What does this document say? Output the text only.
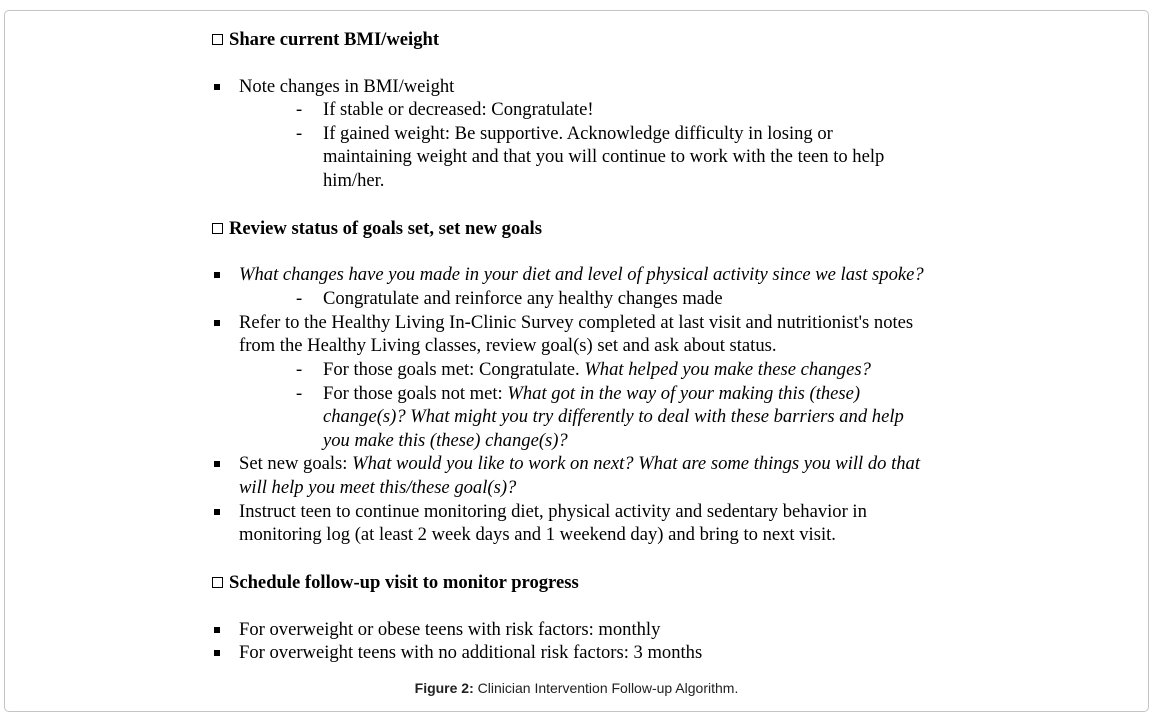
Share current BMI/weight
Note changes in BMI/weight
- If stable or decreased: Congratulate!
- If gained weight: Be supportive. Acknowledge difficulty in losing or
maintaining weight and that you will continue to work with the teen to help
him/her.
Review status of goals set, set new goals
What changes have you made in your diet and level of physical activity since we last spoke?
- Congratulate and reinforce any healthy changes made
Refer to the Healthy Living In-Clinic Survey completed at last visit and nutritionist's notes
from the Healthy Living classes, review goal(s) set and ask about status.
- For those goals met: Congratulate. What helped you make these changes?
- For those goals not met: What got in the way of your making this (these)
change(s)? What might you try differently to deal with these barriers and help
you make this (these) change(s)?
Set new goals: What would you like to work on next? What are some things you will do that
will help you meet this/these goal(s)?
Instruct teen to continue monitoring diet, physical activity and sedentary behavior in
monitoring log (at least 2 week days and 1 weekend day) and bring to next visit.
Schedule follow-up visit to monitor progress
For overweight or obese teens with risk factors: monthly
For overweight teens with no additional risk factors: 3 months
Figure 2: Clinician Intervention Follow-up Algorithm.
